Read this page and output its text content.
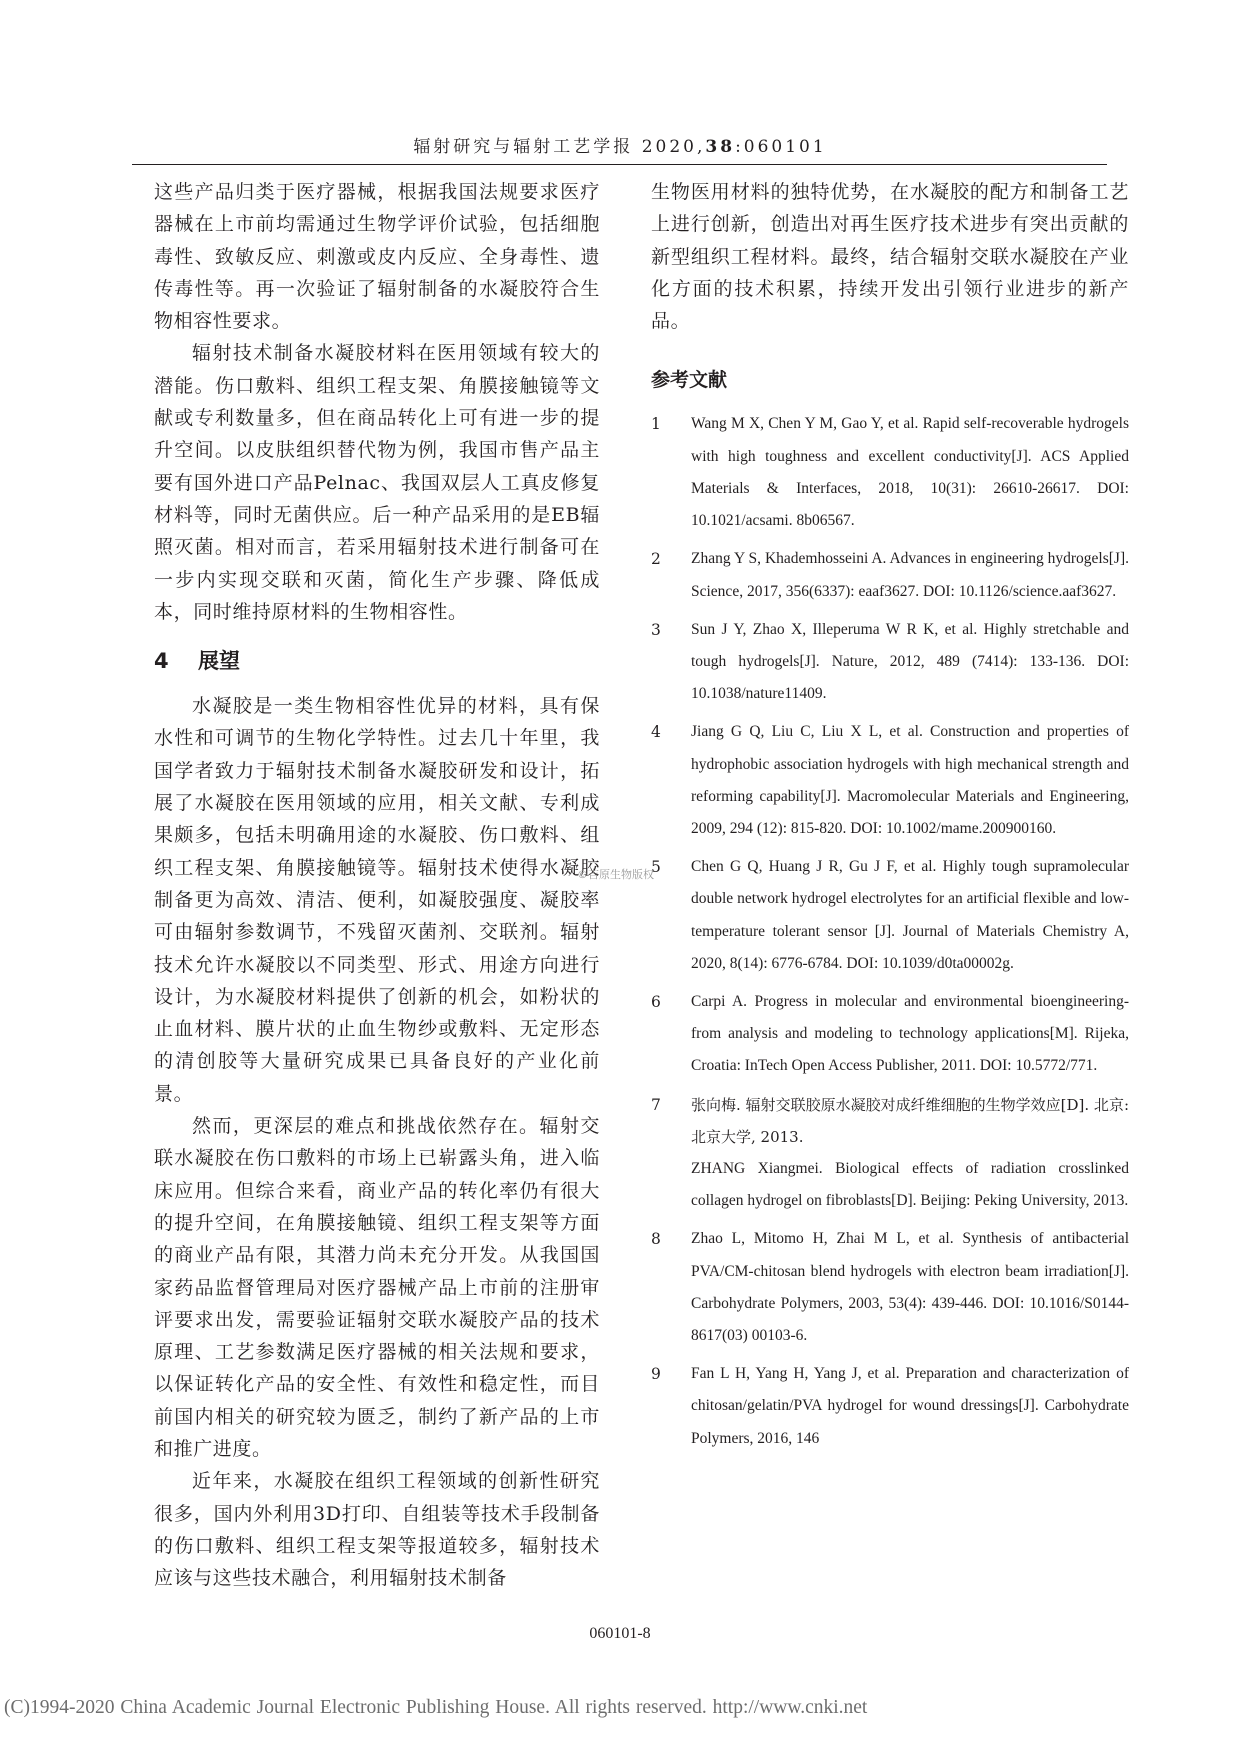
辐射研究与辐射工艺学报 2020,38:060101

这些产品归类于医疗器械，根据我国法规要求医疗器械在上市前均需通过生物学评价试验，包括细胞毒性、致敏反应、刺激或皮内反应、全身毒性、遗传毒性等。再一次验证了辐射制备的水凝胶符合生物相容性要求。

辐射技术制备水凝胶材料在医用领域有较大的潜能。伤口敷料、组织工程支架、角膜接触镜等文献或专利数量多，但在商品转化上可有进一步的提升空间。以皮肤组织替代物为例，我国市售产品主要有国外进口产品Pelnac、我国双层人工真皮修复材料等，同时无菌供应。后一种产品采用的是EB辐照灭菌。相对而言，若采用辐射技术进行制备可在一步内实现交联和灭菌，简化生产步骤、降低成本，同时维持原材料的生物相容性。

4 展望

水凝胶是一类生物相容性优异的材料，具有保水性和可调节的生物化学特性。过去几十年里，我国学者致力于辐射技术制备水凝胶研发和设计，拓展了水凝胶在医用领域的应用，相关文献、专利成果颇多，包括未明确用途的水凝胶、伤口敷料、组织工程支架、角膜接触镜等。辐射技术使得水凝胶制备更为高效、清洁、便利，如凝胶强度、凝胶率可由辐射参数调节，不残留灭菌剂、交联剂。辐射技术允许水凝胶以不同类型、形式、用途方向进行设计，为水凝胶材料提供了创新的机会，如粉状的止血材料、膜片状的止血生物纱或敷料、无定形态的清创胶等大量研究成果已具备良好的产业化前景。

然而，更深层的难点和挑战依然存在。辐射交联水凝胶在伤口敷料的市场上已崭露头角，进入临床应用。但综合来看，商业产品的转化率仍有很大的提升空间，在角膜接触镜、组织工程支架等方面的商业产品有限，其潜力尚未充分开发。从我国国家药品监督管理局对医疗器械产品上市前的注册审评要求出发，需要验证辐射交联水凝胶产品的技术原理、工艺参数满足医疗器械的相关法规和要求，以保证转化产品的安全性、有效性和稳定性，而目前国内相关的研究较为匮乏，制约了新产品的上市和推广进度。

近年来，水凝胶在组织工程领域的创新性研究很多，国内外利用3D打印、自组装等技术手段制备的伤口敷料、组织工程支架等报道较多，辐射技术应该与这些技术融合，利用辐射技术制备

生物医用材料的独特优势，在水凝胶的配方和制备工艺上进行创新，创造出对再生医疗技术进步有突出贡献的新型组织工程材料。最终，结合辐射交联水凝胶在产业化方面的技术积累，持续开发出引领行业进步的新产品。

参考文献
1 Wang M X, Chen Y M, Gao Y, et al. Rapid self-recoverable hydrogels with high toughness and excellent conductivity[J]. ACS Applied Materials & Interfaces, 2018, 10(31): 26610-26617. DOI: 10.1021/acsami. 8b06567.
2 Zhang Y S, Khademhosseini A. Advances in engineering hydrogels[J]. Science, 2017, 356(6337): eaaf3627. DOI: 10.1126/science.aaf3627.
3 Sun J Y, Zhao X, Illeperuma W R K, et al. Highly stretchable and tough hydrogels[J]. Nature, 2012, 489 (7414): 133-136. DOI: 10.1038/nature11409.
4 Jiang G Q, Liu C, Liu X L, et al. Construction and properties of hydrophobic association hydrogels with high mechanical strength and reforming capability[J]. Macromolecular Materials and Engineering, 2009, 294 (12): 815-820. DOI: 10.1002/mame.200900160.
5 Chen G Q, Huang J R, Gu J F, et al. Highly tough supramolecular double network hydrogel electrolytes for an artificial flexible and low-temperature tolerant sensor [J]. Journal of Materials Chemistry A, 2020, 8(14): 6776-6784. DOI: 10.1039/d0ta00002g.
6 Carpi A. Progress in molecular and environmental bioengineering-from analysis and modeling to technology applications[M]. Rijeka, Croatia: InTech Open Access Publisher, 2011. DOI: 10.5772/771.
7 张向梅. 辐射交联胶原水凝胶对成纤维细胞的生物学效应[D]. 北京: 北京大学, 2013.
ZHANG Xiangmei. Biological effects of radiation crosslinked collagen hydrogel on fibroblasts[D]. Beijing: Peking University, 2013.
8 Zhao L, Mitomo H, Zhai M L, et al. Synthesis of antibacterial PVA/CM-chitosan blend hydrogels with electron beam irradiation[J]. Carbohydrate Polymers, 2003, 53(4): 439-446. DOI: 10.1016/S0144-8617(03) 00103-6.
9 Fan L H, Yang H, Yang J, et al. Preparation and characterization of chitosan/gelatin/PVA hydrogel for wound dressings[J]. Carbohydrate Polymers, 2016, 146
©吉原生物版权
060101-8
(C)1994-2020 China Academic Journal Electronic Publishing House. All rights reserved. http://www.cnki.net
